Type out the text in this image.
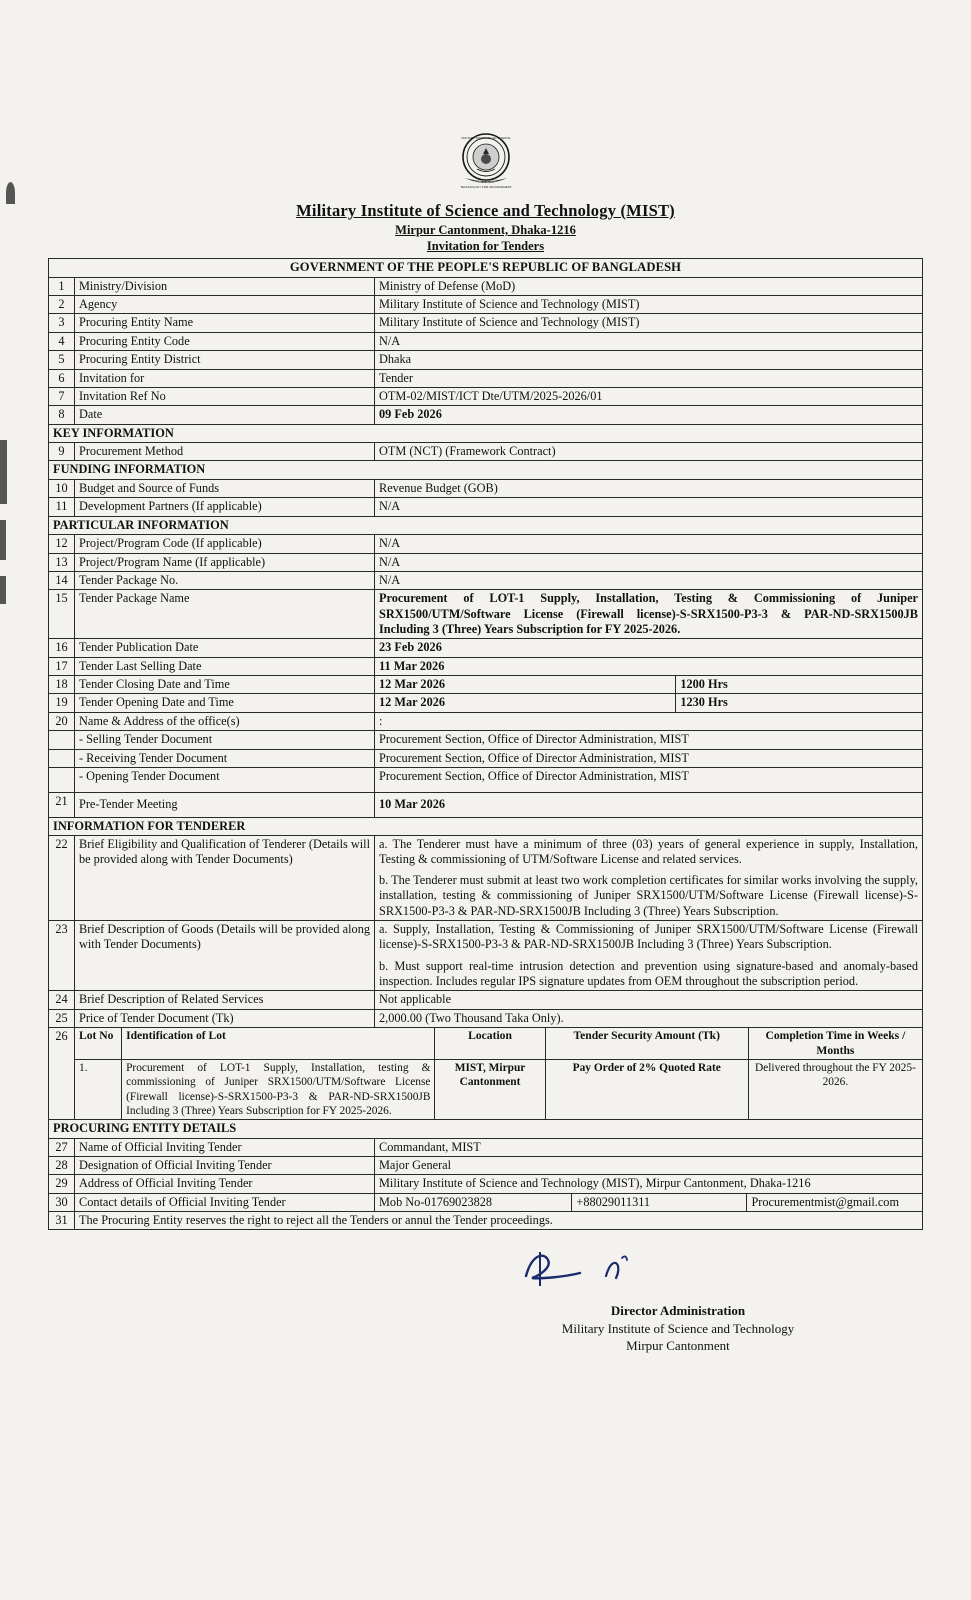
BANGLADESH
TECHNOLOGY FOR ADVANCEMENT
MILITARY INSTITUTE OF SCIENCE
Military Institute of Science and Technology (MIST)
Mirpur Cantonment, Dhaka-1216
Invitation for Tenders
GOVERNMENT OF THE PEOPLE'S REPUBLIC OF BANGLADESH
1	Ministry/Division	Ministry of Defense (MoD)
2	Agency	Military Institute of Science and Technology (MIST)
3	Procuring Entity Name	Military Institute of Science and Technology (MIST)
4	Procuring Entity Code	N/A
5	Procuring Entity District	Dhaka
6	Invitation for	Tender
7	Invitation Ref No	OTM-02/MIST/ICT Dte/UTM/2025-2026/01
8	Date	09 Feb 2026
KEY INFORMATION
9	Procurement Method	OTM (NCT) (Framework Contract)
FUNDING INFORMATION
10	Budget and Source of Funds	Revenue Budget (GOB)
11	Development Partners (If applicable)	N/A
PARTICULAR INFORMATION
12	Project/Program Code (If applicable)	N/A
13	Project/Program Name (If applicable)	N/A
14	Tender Package No.	N/A
15	Tender Package Name	Procurement of LOT-1 Supply, Installation, Testing & Commissioning of Juniper SRX1500/UTM/Software License (Firewall license)-S-SRX1500-P3-3 & PAR-ND-SRX1500JB Including 3 (Three) Years Subscription for FY 2025-2026.
16	Tender Publication Date	23 Feb 2026
17	Tender Last Selling Date	11 Mar 2026
18	Tender Closing Date and Time		12 Mar 2026	1200 Hrs

19	Tender Opening Date and Time		12 Mar 2026	1230 Hrs

20	Name & Address of the office(s)	:
	- Selling Tender Document	Procurement Section, Office of Director Administration, MIST
	- Receiving Tender Document	Procurement Section, Office of Director Administration, MIST
	- Opening Tender Document	Procurement Section, Office of Director Administration, MIST
21	Pre-Tender Meeting	10 Mar 2026
INFORMATION FOR TENDERER
22	Brief Eligibility and Qualification of Tenderer (Details will be provided along with Tender Documents)	
a. The Tenderer must have a minimum of three (03) years of general experience in supply, Installation, Testing & commissioning of UTM/Software License and related services.
b. The Tenderer must submit at least two work completion certificates for similar works involving the supply, installation, testing & commissioning of Juniper SRX1500/UTM/Software License (Firewall license)-S-SRX1500-P3-3 & PAR-ND-SRX1500JB Including 3 (Three) Years Subscription.

23	Brief Description of Goods (Details will be provided along with Tender Documents)	
a. Supply, Installation, Testing & Commissioning of Juniper SRX1500/UTM/Software License (Firewall license)-S-SRX1500-P3-3 & PAR-ND-SRX1500JB Including 3 (Three) Years Subscription.
b. Must support real-time intrusion detection and prevention using signature-based and anomaly-based inspection. Includes regular IPS signature updates from OEM throughout the subscription period.

24	Brief Description of Related Services	Not applicable
25	Price of Tender Document (Tk)	2,000.00 (Two Thousand Taka Only).
26	Lot No	Identification of Lot	Location	Tender Security Amount (Tk)	Completion Time in Weeks / Months
1.	Procurement of LOT-1 Supply, Installation, testing & commissioning of Juniper SRX1500/UTM/Software License (Firewall license)-S-SRX1500-P3-3 & PAR-ND-SRX1500JB Including 3 (Three) Years Subscription for FY 2025-2026.	MIST, Mirpur Cantonment	Pay Order of 2% Quoted Rate	Delivered throughout the FY 2025-2026.

PROCURING ENTITY DETAILS
27	Name of Official Inviting Tender	Commandant, MIST
28	Designation of Official Inviting Tender	Major General
29	Address of Official Inviting Tender	Military Institute of Science and Technology (MIST), Mirpur Cantonment, Dhaka-1216
30	Contact details of Official Inviting Tender		Mob No-01769023828	+88029011311	Procurementmist@gmail.com

31	The Procuring Entity reserves the right to reject all the Tenders or annul the Tender proceedings.
Director Administration
Military Institute of Science and Technology
Mirpur Cantonment
